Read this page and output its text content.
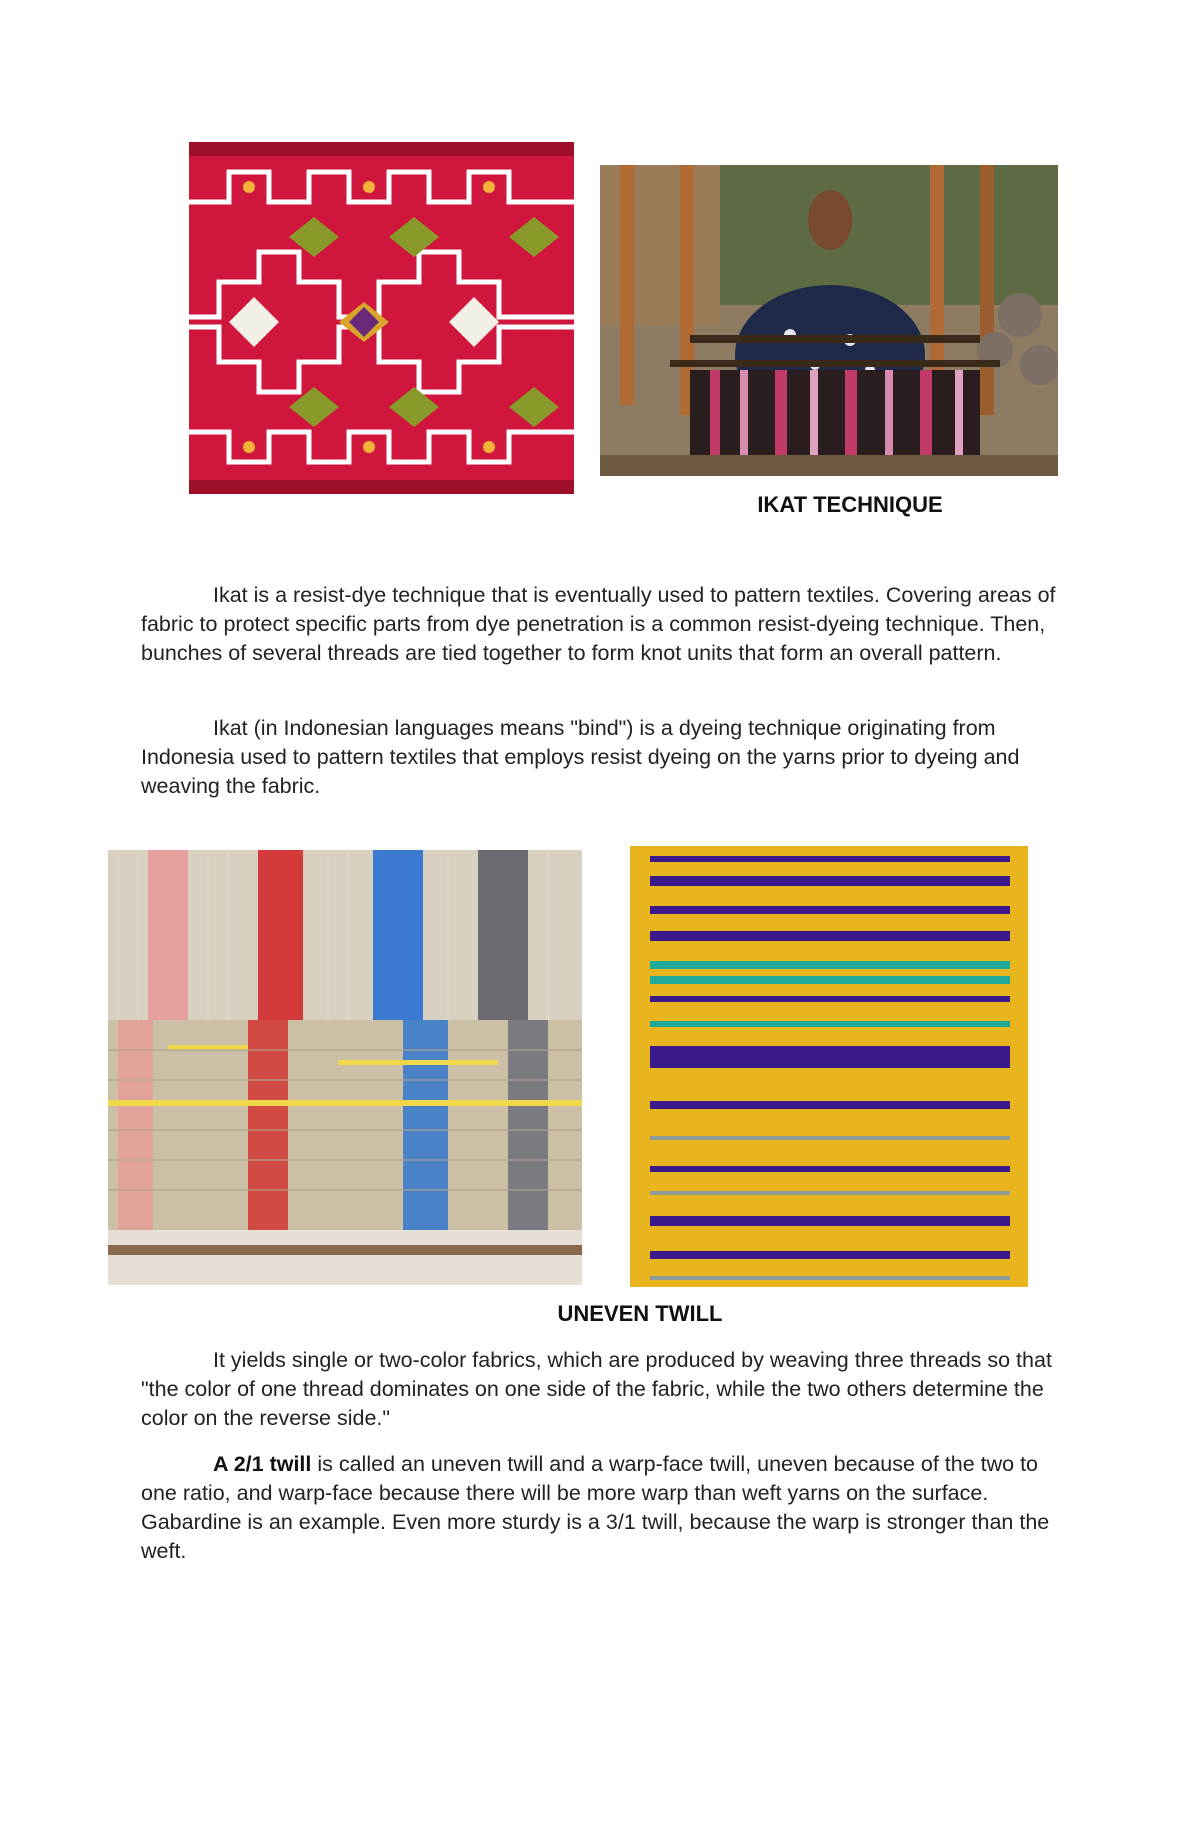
IKAT TECHNIQUE

Ikat is a resist-dye technique that is eventually used to pattern textiles. Covering areas of fabric to protect specific parts from dye penetration is a common resist-dyeing technique. Then, bunches of several threads are tied together to form knot units that form an overall pattern.

Ikat (in Indonesian languages means "bind") is a dyeing technique originating from Indonesia used to pattern textiles that employs resist dyeing on the yarns prior to dyeing and weaving the fabric.

UNEVEN TWILL

It yields single or two-color fabrics, which are produced by weaving three threads so that "the color of one thread dominates on one side of the fabric, while the two others determine the color on the reverse side."

A 2/1 twill is called an uneven twill and a warp-face twill, uneven because of the two to one ratio, and warp-face because there will be more warp than weft yarns on the surface. Gabardine is an example. Even more sturdy is a 3/1 twill, because the warp is stronger than the weft.
